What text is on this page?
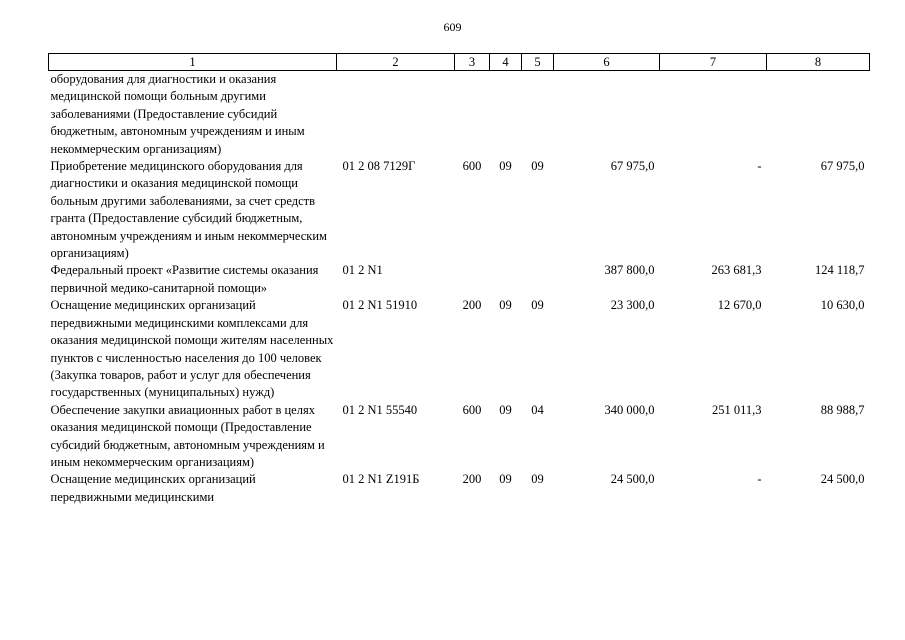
609
1	2	3	4	5	6	7	8
оборудования для диагностики и оказания медицинской помощи больным другими заболеваниями (Предоставление субсидий бюджетным, автономным учреждениям и иным некоммерческим организациям)							
Приобретение медицинского оборудования для диагностики и оказания медицинской помощи больным другими заболеваниями, за счет средств гранта (Предоставление субсидий бюджетным, автономным учреждениям и иным некоммерческим организациям)	01 2 08 7129Г	600	09	09	67 975,0	-	67 975,0
Федеральный проект «Развитие системы оказания первичной медико-санитарной помощи»	01 2 N1				387 800,0	263 681,3	124 118,7
Оснащение медицинских организаций передвижными медицинскими комплексами для оказания медицинской помощи жителям населенных пунктов с численностью населения до 100 человек (Закупка товаров, работ и услуг для обеспечения государственных (муниципальных) нужд)	01 2 N1 51910	200	09	09	23 300,0	12 670,0	10 630,0
Обеспечение закупки авиационных работ в целях оказания медицинской помощи (Предоставление субсидий бюджетным, автономным учреждениям и иным некоммерческим организациям)	01 2 N1 55540	600	09	04	340 000,0	251 011,3	88 988,7
Оснащение медицинских организаций передвижными медицинскими	01 2 N1 Z191Б	200	09	09	24 500,0	-	24 500,0
